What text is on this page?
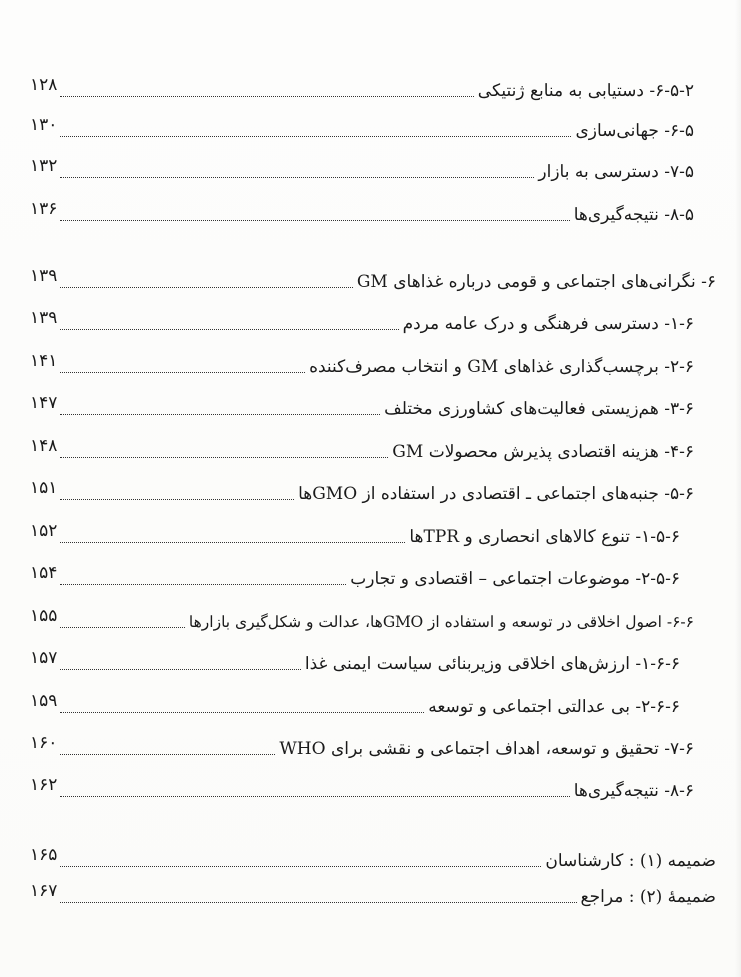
۶-۵-۲- دستیابی به منابع ژنتیکی
۱۲۸
۶-۵- جهانی‌سازی
۱۳۰
۷-۵- دسترسی به بازار
۱۳۲
۸-۵- نتیجه‌گیری‌ها
۱۳۶
۶- نگرانی‌های اجتماعی و قومی درباره غذاهای GM
۱۳۹
۱-۶- دسترسی فرهنگی و درک عامه مردم
۱۳۹
۲-۶- برچسب‌گذاری غذاهای GM و انتخاب مصرف‌کننده
۱۴۱
۳-۶- هم‌زیستی فعالیت‌های کشاورزی مختلف
۱۴۷
۴-۶- هزینه اقتصادی پذیرش محصولات GM
۱۴۸
۵-۶- جنبه‌های اجتماعی ـ اقتصادی در استفاده از GMOها
۱۵۱
۱-۵-۶- تنوع کالاهای انحصاری و TPRها
۱۵۲
۲-۵-۶- موضوعات اجتماعی – اقتصادی و تجارب
۱۵۴
۶-۶- اصول اخلاقی در توسعه و استفاده از GMOها، عدالت و شکل‌گیری بازارها
۱۵۵
۱-۶-۶- ارزش‌های اخلاقی وزیربنائی سیاست ایمنی غذا
۱۵۷
۲-۶-۶- بی عدالتی اجتماعی و توسعه
۱۵۹
۷-۶- تحقیق و توسعه، اهداف اجتماعی و نقشی برای WHO
۱۶۰
۸-۶- نتیجه‌گیری‌ها
۱۶۲
ضمیمه (۱) : کارشناسان
۱۶۵
ضمیمهٔ (۲) : مراجع
۱۶۷
